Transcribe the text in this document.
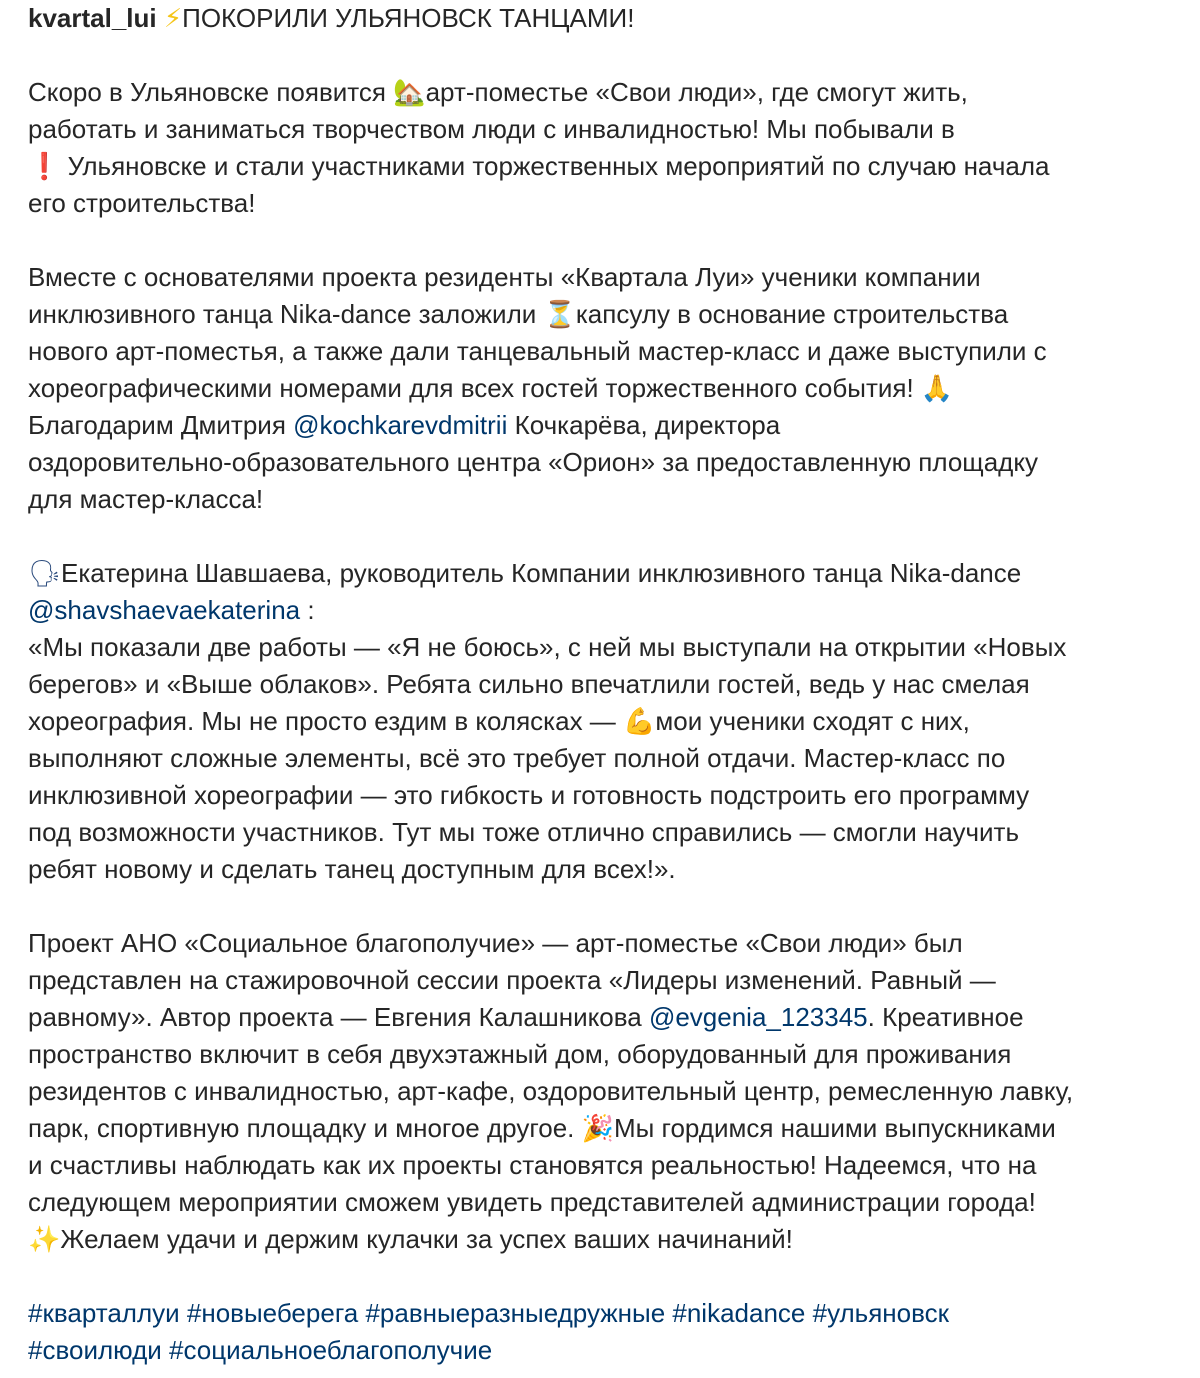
kvartal_lui ⚡ПОКОРИЛИ УЛЬЯНОВСК ТАНЦАМИ!
Скоро в Ульяновске появится 🏡арт-поместье «Свои люди», где смогут жить,
работать и заниматься творчеством люди с инвалидностью! Мы побывали в
❗ Ульяновске и стали участниками торжественных мероприятий по случаю начала
его строительства!
Вместе с основателями проекта резиденты «Квартала Луи» ученики компании
инклюзивного танца Nika-dance заложили ⏳капсулу в основание строительства
нового арт-поместья, а также дали танцевальный мастер-класс и даже выступили с
хореографическими номерами для всех гостей торжественного события! 🙏
Благодарим Дмитрия @kochkarevdmitrii Кочкарёва, директора
оздоровительно-образовательного центра «Орион» за предоставленную площадку
для мастер-класса!
🗣Екатерина Шавшаева, руководитель Компании инклюзивного танца Nika-dance
@shavshaevaekaterina :
«Мы показали две работы — «Я не боюсь», с ней мы выступали на открытии «Новых
берегов» и «Выше облаков». Ребята сильно впечатлили гостей, ведь у нас смелая
хореография. Мы не просто ездим в колясках — 💪мои ученики сходят с них,
выполняют сложные элементы, всё это требует полной отдачи. Мастер-класс по
инклюзивной хореографии — это гибкость и готовность подстроить его программу
под возможности участников. Тут мы тоже отлично справились — смогли научить
ребят новому и сделать танец доступным для всех!».
Проект АНО «Социальное благополучие» — арт-поместье «Свои люди» был
представлен на стажировочной сессии проекта «Лидеры изменений. Равный —
равному». Автор проекта — Евгения Калашникова @evgenia_123345. Креативное
пространство включит в себя двухэтажный дом, оборудованный для проживания
резидентов с инвалидностью, арт-кафе, оздоровительный центр, ремесленную лавку,
парк, спортивную площадку и многое другое. 🎉Мы гордимся нашими выпускниками
и счастливы наблюдать как их проекты становятся реальностью! Надеемся, что на
следующем мероприятии сможем увидеть представителей администрации города!
✨Желаем удачи и держим кулачки за успех ваших начинаний!
#кварталлуи #новыеберега #равныеразныедружные #nikadance #ульяновск
#своилюди #социальноеблагополучие
